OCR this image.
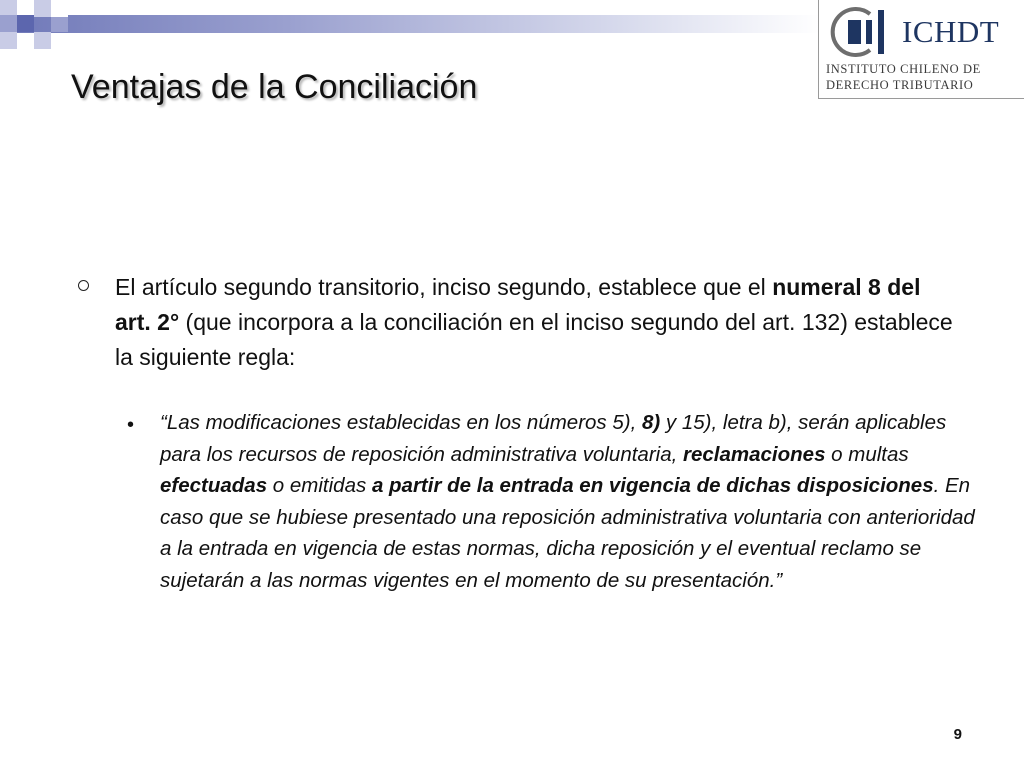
ICHDT
INSTITUTO CHILENO DE
DERECHO TRIBUTARIO
Ventajas de la Conciliación
El artículo segundo transitorio, inciso segundo, establece que el numeral 8 del art. 2° (que incorpora a la conciliación en el inciso segundo del art. 132) establece la siguiente regla:
• “Las modificaciones establecidas en los números 5), 8) y 15), letra b), serán aplicables para los recursos de reposición administrativa voluntaria, reclamaciones o multas efectuadas o emitidas a partir de la entrada en vigencia de dichas disposiciones. En caso que se hubiese presentado una reposición administrativa voluntaria con anterioridad a la entrada en vigencia de estas normas, dicha reposición y el eventual reclamo se sujetarán a las normas vigentes en el momento de su presentación.”
9
